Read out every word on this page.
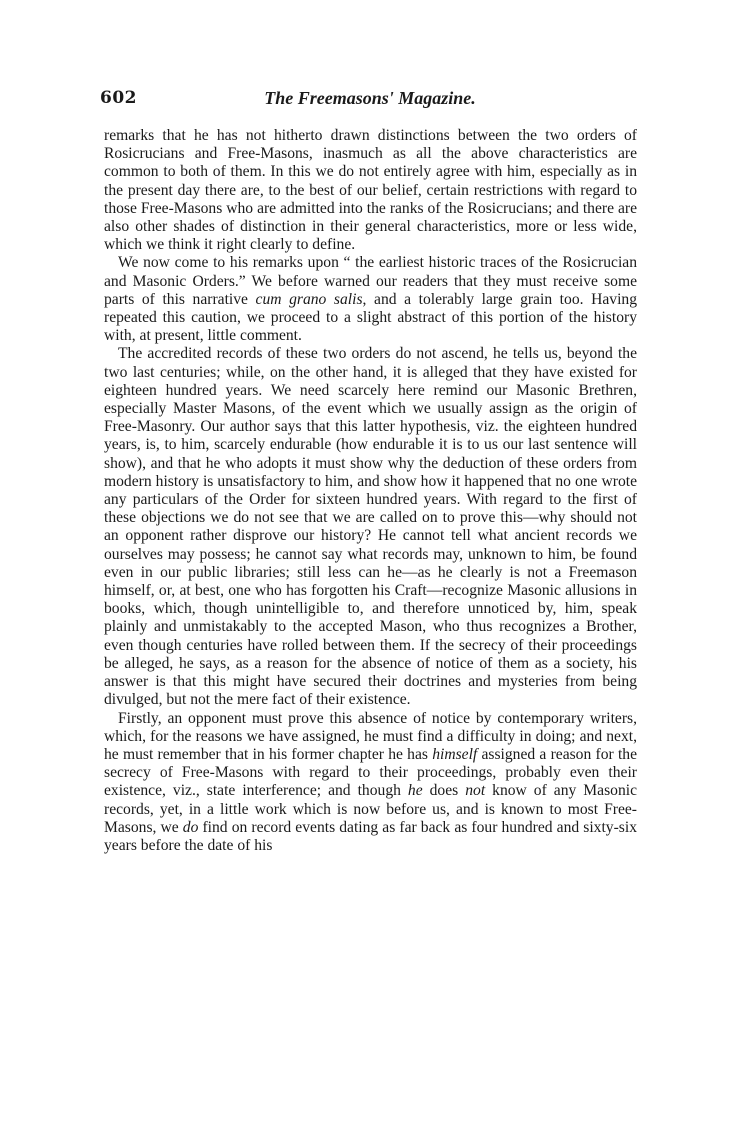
602	The Freemasons' Magazine.

remarks that he has not hitherto drawn distinctions between the two orders of Rosicrucians and Free-Masons, inasmuch as all the above characteristics are common to both of them. In this we do not entirely agree with him, especially as in the present day there are, to the best of our belief, certain restrictions with regard to those Free-Masons who are admitted into the ranks of the Rosicrucians; and there are also other shades of distinction in their general characteristics, more or less wide, which we think it right clearly to define.

We now come to his remarks upon “ the earliest historic traces of the Rosicrucian and Masonic Orders.” We before warned our readers that they must receive some parts of this narrative cum grano salis, and a tolerably large grain too. Having repeated this caution, we proceed to a slight abstract of this portion of the history with, at present, little comment.

The accredited records of these two orders do not ascend, he tells us, beyond the two last centuries; while, on the other hand, it is alleged that they have existed for eighteen hundred years. We need scarcely here remind our Masonic Brethren, especially Master Masons, of the event which we usually assign as the origin of Free-Masonry. Our author says that this latter hypothesis, viz. the eighteen hundred years, is, to him, scarcely endurable (how endurable it is to us our last sentence will show), and that he who adopts it must show why the deduction of these orders from modern history is unsatisfactory to him, and show how it happened that no one wrote any particulars of the Order for sixteen hundred years. With regard to the first of these objections we do not see that we are called on to prove this—why should not an opponent rather disprove our history? He cannot tell what ancient records we ourselves may possess; he cannot say what records may, unknown to him, be found even in our public libraries; still less can he—as he clearly is not a Freemason himself, or, at best, one who has forgotten his Craft—recognize Masonic allusions in books, which, though unintelligible to, and therefore unnoticed by, him, speak plainly and unmistakably to the accepted Mason, who thus recognizes a Brother, even though centuries have rolled between them. If the secrecy of their proceedings be alleged, he says, as a reason for the absence of notice of them as a society, his answer is that this might have secured their doctrines and mysteries from being divulged, but not the mere fact of their existence.

Firstly, an opponent must prove this absence of notice by contemporary writers, which, for the reasons we have assigned, he must find a difficulty in doing; and next, he must remember that in his former chapter he has himself assigned a reason for the secrecy of Free-Masons with regard to their proceedings, probably even their existence, viz., state interference; and though he does not know of any Masonic records, yet, in a little work which is now before us, and is known to most Free-Masons, we do find on record events dating as far back as four hundred and sixty-six years before the date of his
